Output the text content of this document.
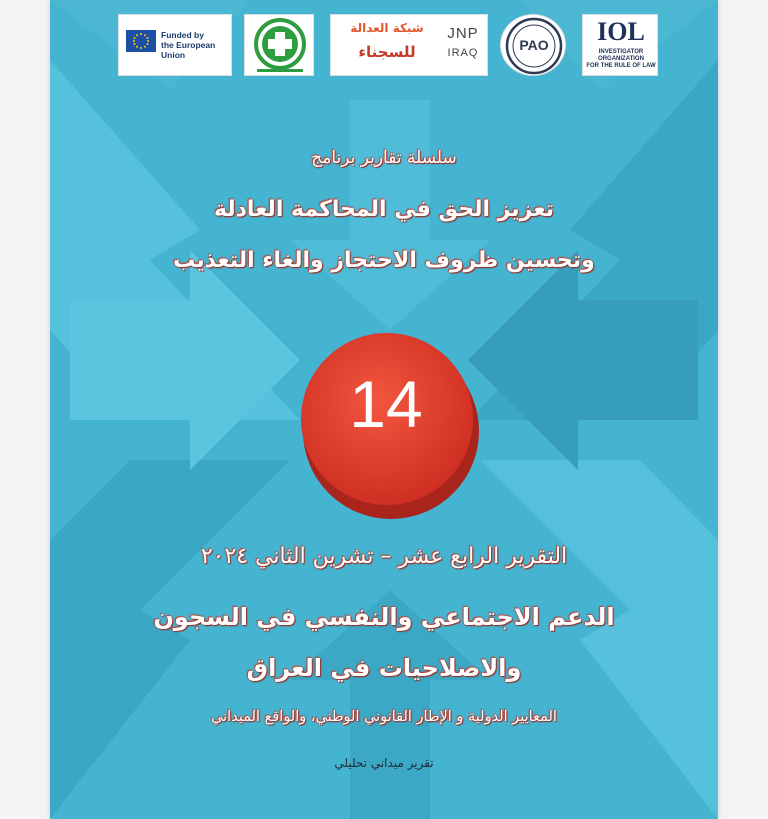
Funded by
the European Union
شبكة العدالة
للسجناء
JNP
IRAQ	PAO	IOL
INVESTIGATOR
ORGANIZATION
FOR THE RULE OF LAW
سلسلة تقارير برنامج
تعزيز الحق في المحاكمة العادلة
وتحسين ظروف الاحتجاز والغاء التعذيب
14
التقرير الرابع عشر – تشرين الثاني ٢٠٢٤
الدعم الاجتماعي والنفسي في السجون
والاصلاحيات في العراق
المعايير الدولية و الإطار القانوني الوطني، والواقع الميداني
تقرير ميداني تحليلي
